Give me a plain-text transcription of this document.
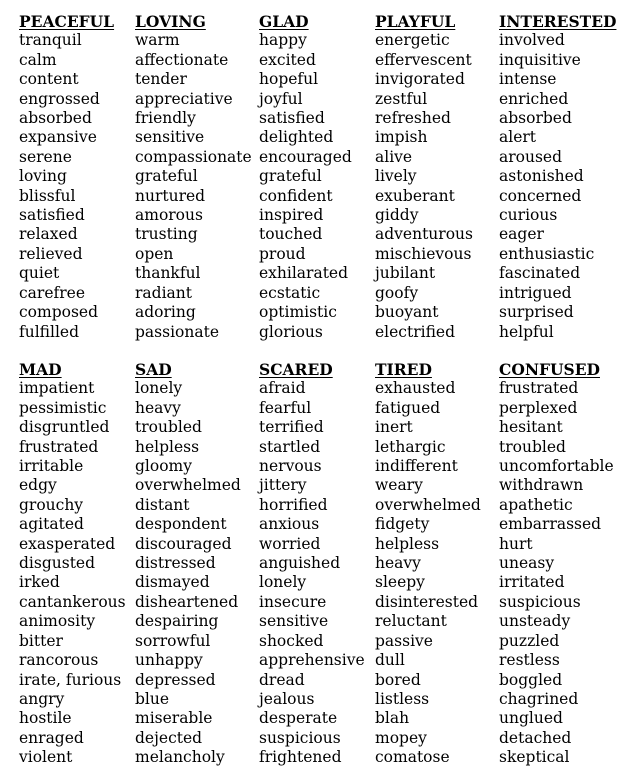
PEACEFUL
tranquil
calm
content
engrossed
absorbed
expansive
serene
loving
blissful
satisfied
relaxed
relieved
quiet
carefree
composed
fulfilled
LOVING
warm
affectionate
tender
appreciative
friendly
sensitive
compassionate
grateful
nurtured
amorous
trusting
open
thankful
radiant
adoring
passionate
GLAD
happy
excited
hopeful
joyful
satisfied
delighted
encouraged
grateful
confident
inspired
touched
proud
exhilarated
ecstatic
optimistic
glorious
PLAYFUL
energetic
effervescent
invigorated
zestful
refreshed
impish
alive
lively
exuberant
giddy
adventurous
mischievous
jubilant
goofy
buoyant
electrified
INTERESTED
involved
inquisitive
intense
enriched
absorbed
alert
aroused
astonished
concerned
curious
eager
enthusiastic
fascinated
intrigued
surprised
helpful
MAD
impatient
pessimistic
disgruntled
frustrated
irritable
edgy
grouchy
agitated
exasperated
disgusted
irked
cantankerous
animosity
bitter
rancorous
irate, furious
angry
hostile
enraged
violent
SAD
lonely
heavy
troubled
helpless
gloomy
overwhelmed
distant
despondent
discouraged
distressed
dismayed
disheartened
despairing
sorrowful
unhappy
depressed
blue
miserable
dejected
melancholy
SCARED
afraid
fearful
terrified
startled
nervous
jittery
horrified
anxious
worried
anguished
lonely
insecure
sensitive
shocked
apprehensive
dread
jealous
desperate
suspicious
frightened
TIRED
exhausted
fatigued
inert
lethargic
indifferent
weary
overwhelmed
fidgety
helpless
heavy
sleepy
disinterested
reluctant
passive
dull
bored
listless
blah
mopey
comatose
CONFUSED
frustrated
perplexed
hesitant
troubled
uncomfortable
withdrawn
apathetic
embarrassed
hurt
uneasy
irritated
suspicious
unsteady
puzzled
restless
boggled
chagrined
unglued
detached
skeptical
